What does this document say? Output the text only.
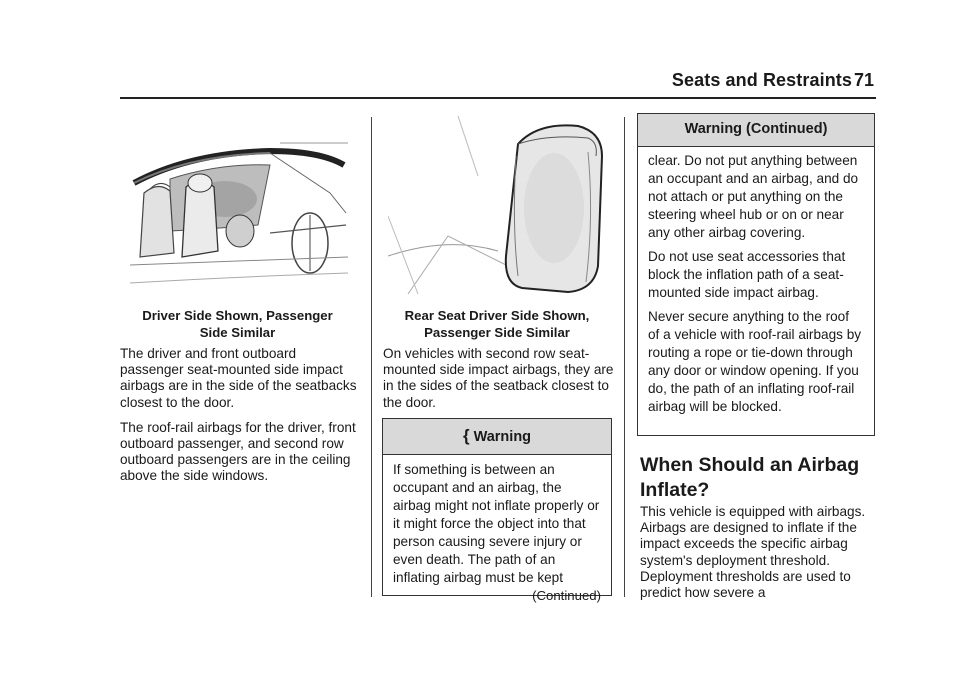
Seats and Restraints 71
Driver Side Shown, Passenger
Side Similar

The driver and front outboard passenger seat-mounted side impact airbags are in the side of the seatbacks closest to the door.

The roof-rail airbags for the driver, front outboard passenger, and second row outboard passengers are in the ceiling above the side windows.

Rear Seat Driver Side Shown,
Passenger Side Similar

On vehicles with second row seat-mounted side impact airbags, they are in the sides of the seatback closest to the door.

{ Warning

If something is between an occupant and an airbag, the airbag might not inflate properly or it might force the object into that person causing severe injury or even death. The path of an inflating airbag must be kept

(Continued)
Warning (Continued)

clear. Do not put anything between an occupant and an airbag, and do not attach or put anything on the steering wheel hub or on or near any other airbag covering.

Do not use seat accessories that block the inflation path of a seat-mounted side impact airbag.

Never secure anything to the roof of a vehicle with roof-rail airbags by routing a rope or tie-down through any door or window opening. If you do, the path of an inflating roof-rail airbag will be blocked.

When Should an Airbag
Inflate?

This vehicle is equipped with airbags. Airbags are designed to inflate if the impact exceeds the specific airbag system's deployment threshold. Deployment thresholds are used to predict how severe a
